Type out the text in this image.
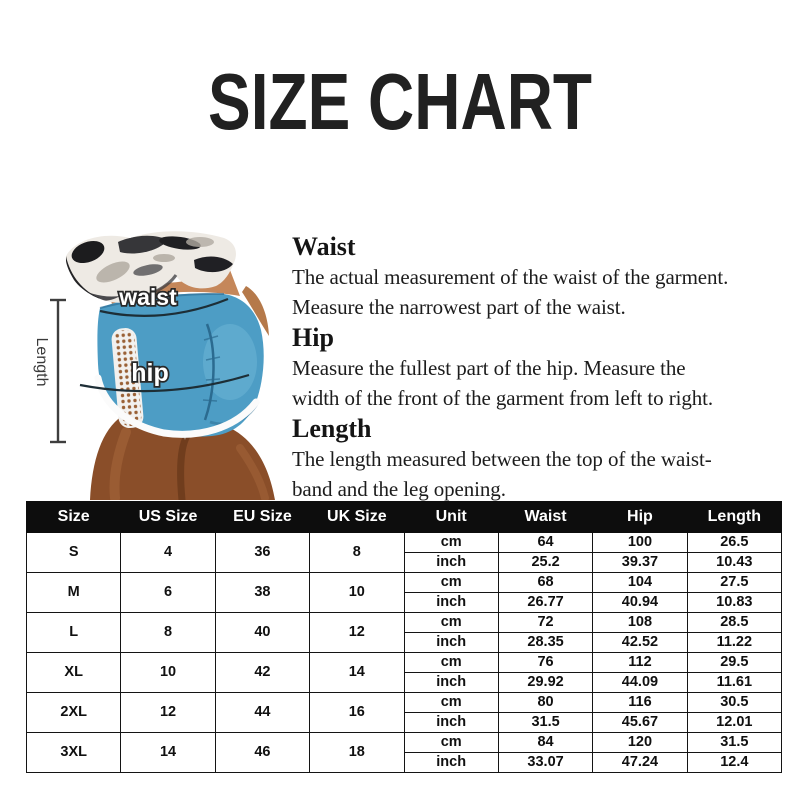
SIZE CHART
waist
hip
Length
Waist

The actual measurement of the waist of the garment.
Measure the narrowest part of the waist.

Hip

Measure the fullest part of the hip. Measure the
width of the front of the garment from left to right.

Length

The length measured between the top of the waist-
band and the leg opening.

Size	US Size	EU Size	UK Size	Unit	Waist	Hip	Length
S	4	36	8	cm	64	100	26.5
				inch	25.2	39.37	10.43
M	6	38	10	cm	68	104	27.5
				inch	26.77	40.94	10.83
L	8	40	12	cm	72	108	28.5
				inch	28.35	42.52	11.22
XL	10	42	14	cm	76	112	29.5
				inch	29.92	44.09	11.61
2XL	12	44	16	cm	80	116	30.5
				inch	31.5	45.67	12.01
3XL	14	46	18	cm	84	120	31.5
				inch	33.07	47.24	12.4
